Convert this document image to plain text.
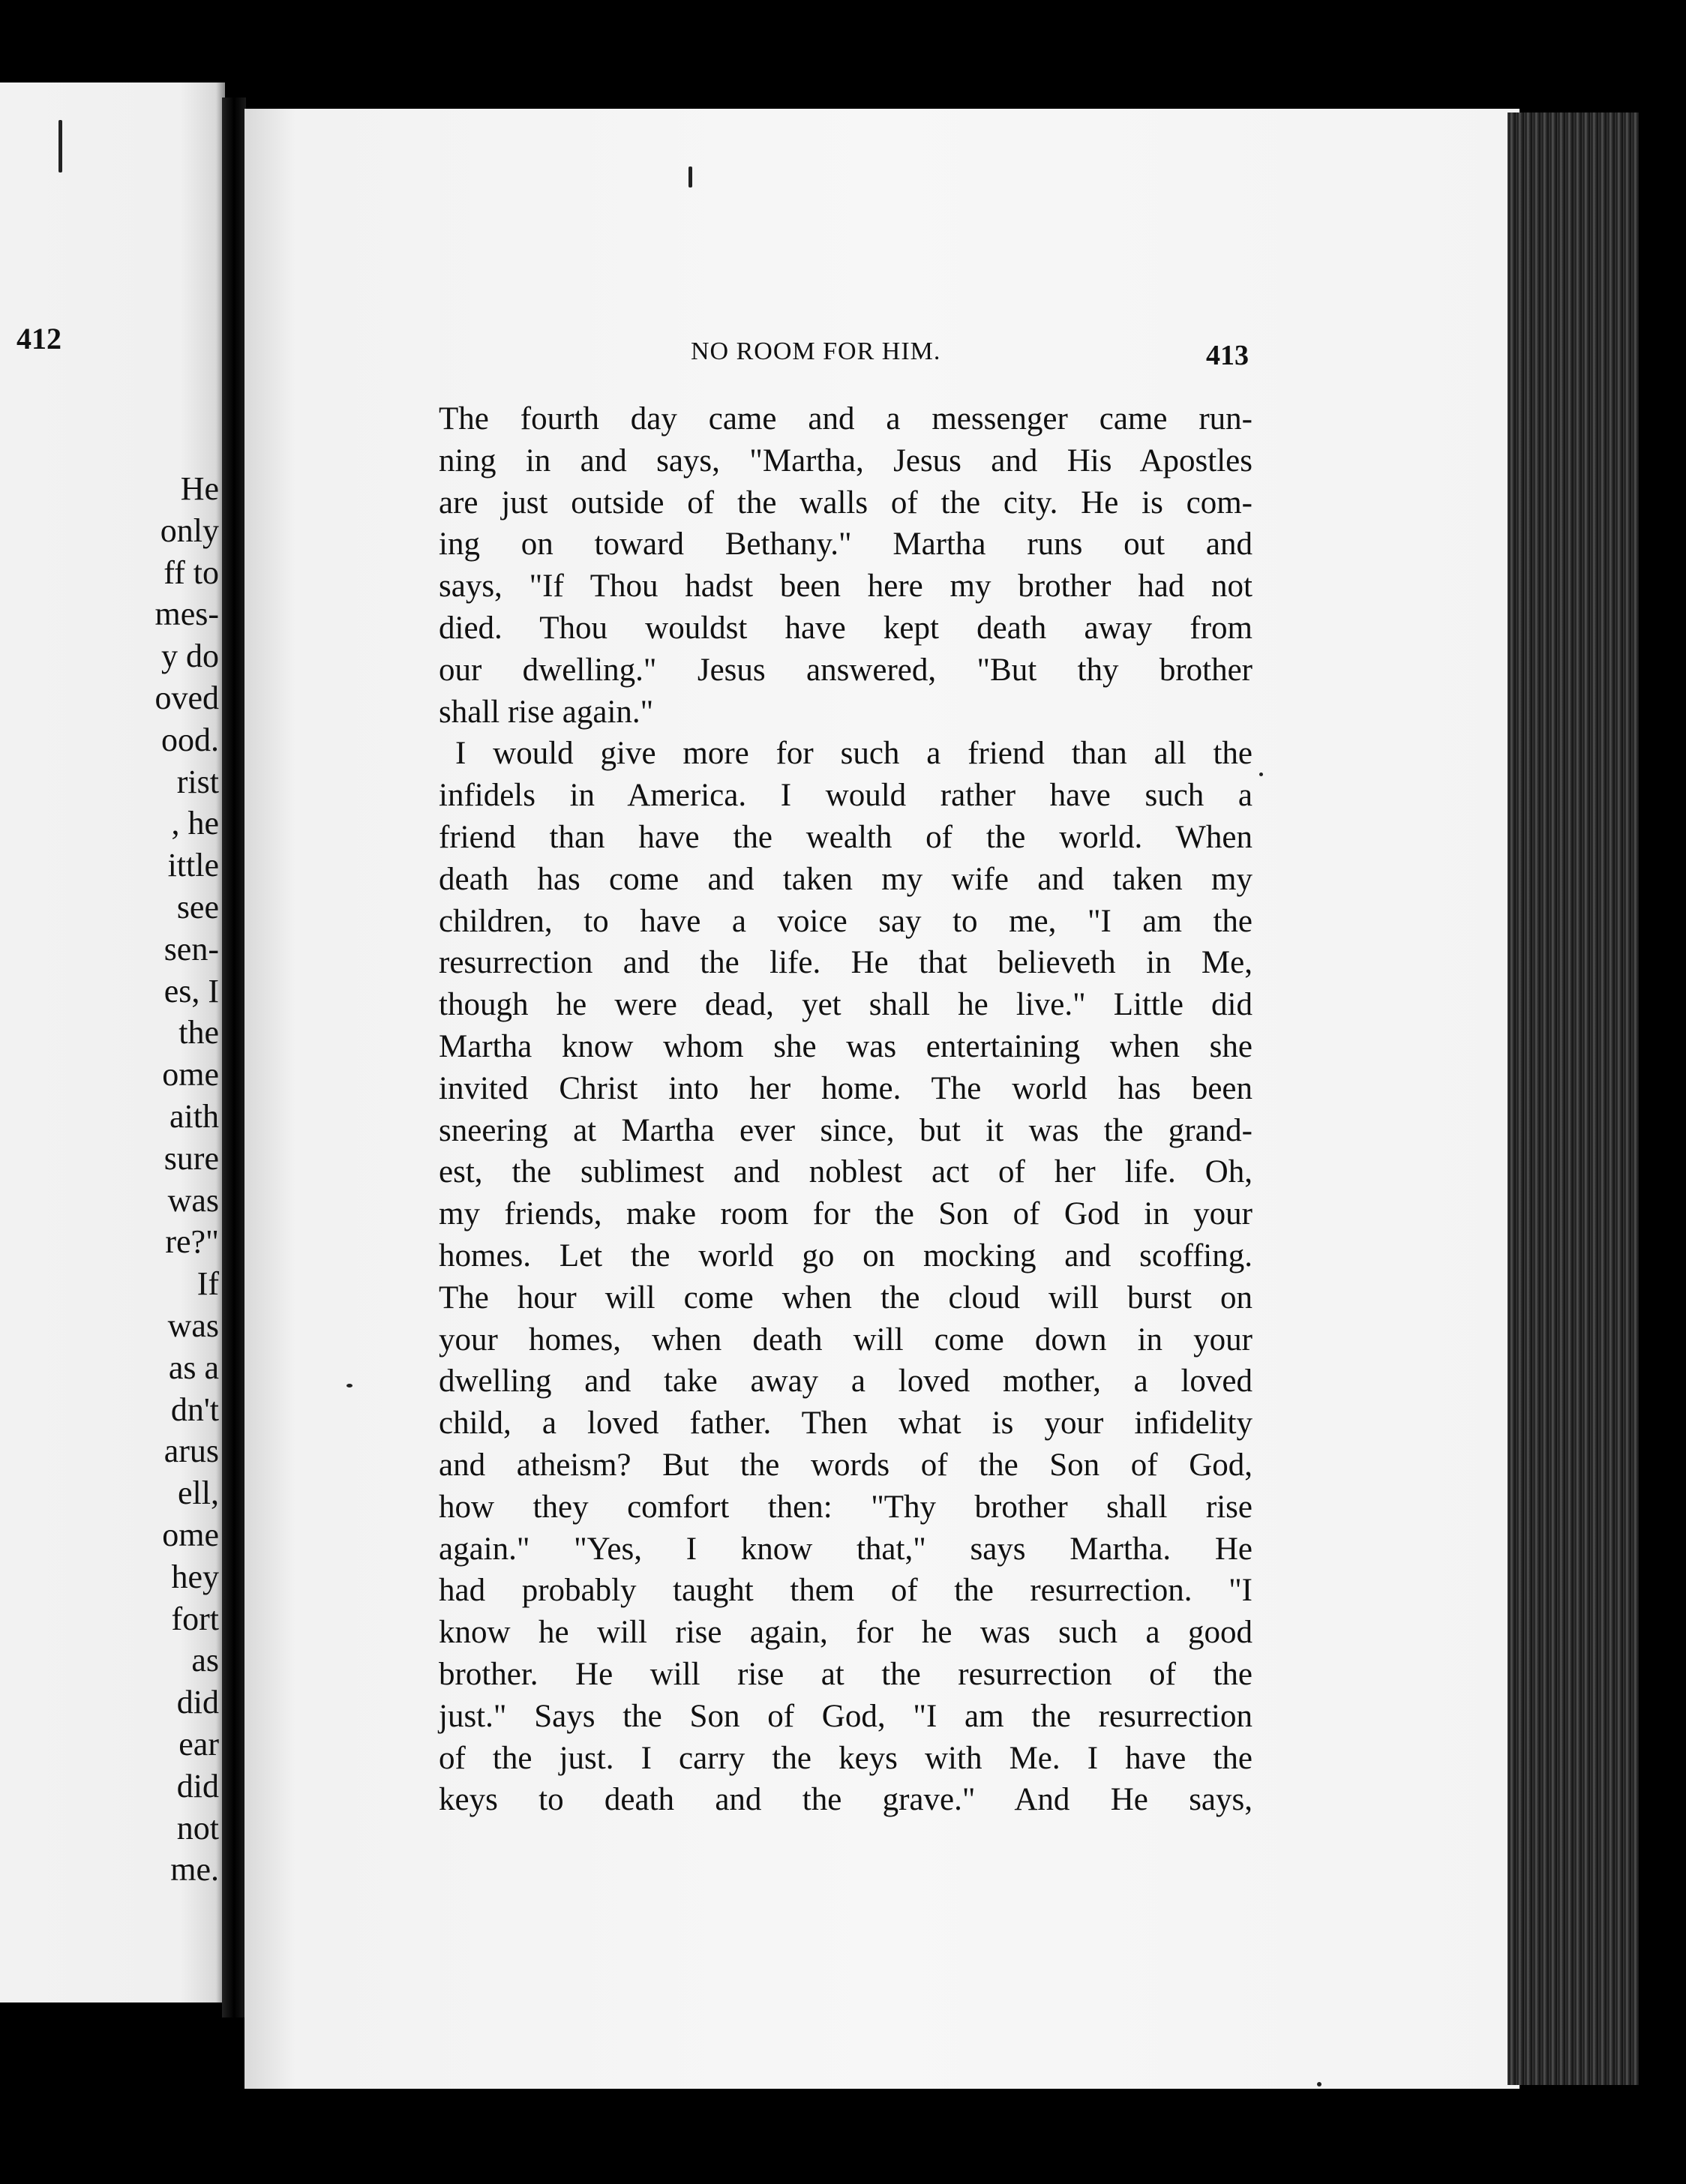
412
He
only
ff to
mes-
y do
oved
ood.
rist
, he
ittle
see
sen-
es, I
the
ome
aith
sure
was
re?"
If
was
as a
dn't
arus
ell,
ome
hey
fort
as
did
ear
did
not
me.
NO ROOM FOR HIM.	413
The fourth day came and a messenger came run-
ning in and says, "Martha, Jesus and His Apostles
are just outside of the walls of the city. He is com-
ing on toward Bethany." Martha runs out and
says, "If Thou hadst been here my brother had not
died. Thou wouldst have kept death away from
our dwelling." Jesus answered, "But thy brother
shall rise again."
I would give more for such a friend than all the
infidels in America. I would rather have such a
friend than have the wealth of the world. When
death has come and taken my wife and taken my
children, to have a voice say to me, "I am the
resurrection and the life. He that believeth in Me,
though he were dead, yet shall he live." Little did
Martha know whom she was entertaining when she
invited Christ into her home. The world has been
sneering at Martha ever since, but it was the grand-
est, the sublimest and noblest act of her life. Oh,
my friends, make room for the Son of God in your
homes. Let the world go on mocking and scoffing.
The hour will come when the cloud will burst on
your homes, when death will come down in your
dwelling and take away a loved mother, a loved
child, a loved father. Then what is your infidelity
and atheism? But the words of the Son of God,
how they comfort then: "Thy brother shall rise
again." "Yes, I know that," says Martha. He
had probably taught them of the resurrection. "I
know he will rise again, for he was such a good
brother. He will rise at the resurrection of the
just." Says the Son of God, "I am the resurrection
of the just. I carry the keys with Me. I have the
keys to death and the grave." And He says,
